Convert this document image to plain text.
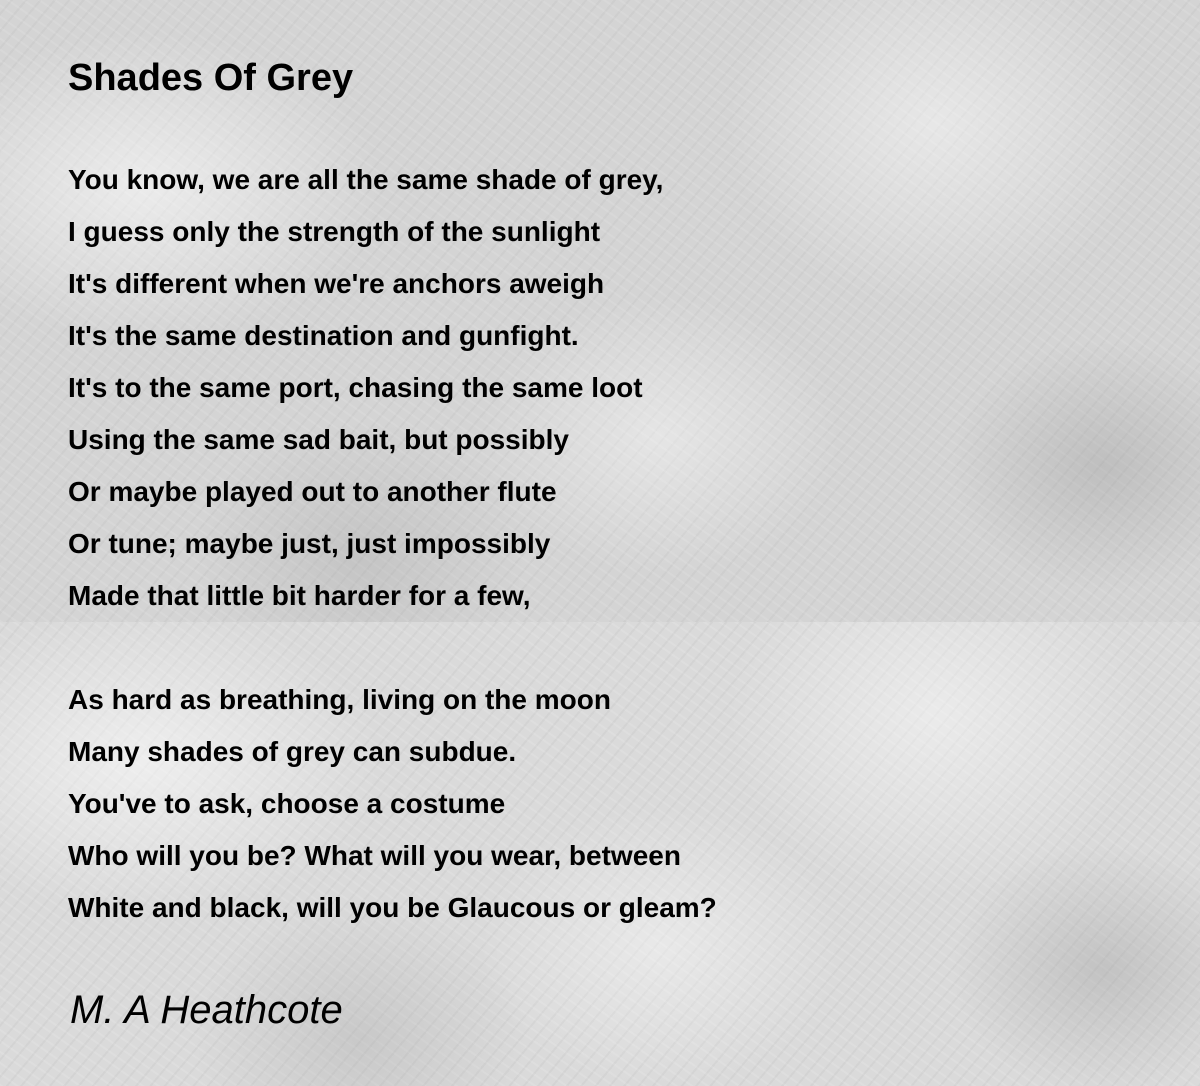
Shades Of Grey
You know, we are all the same shade of grey,
I guess only the strength of the sunlight
It's different when we're anchors aweigh
It's the same destination and gunfight.
It's to the same port, chasing the same loot
Using the same sad bait, but possibly
Or maybe played out to another flute
Or tune; maybe just, just impossibly
Made that little bit harder for a few,
As hard as breathing, living on the moon
Many shades of grey can subdue.
You've to ask, choose a costume
Who will you be? What will you wear, between
White and black, will you be Glaucous or gleam?

M. A Heathcote
